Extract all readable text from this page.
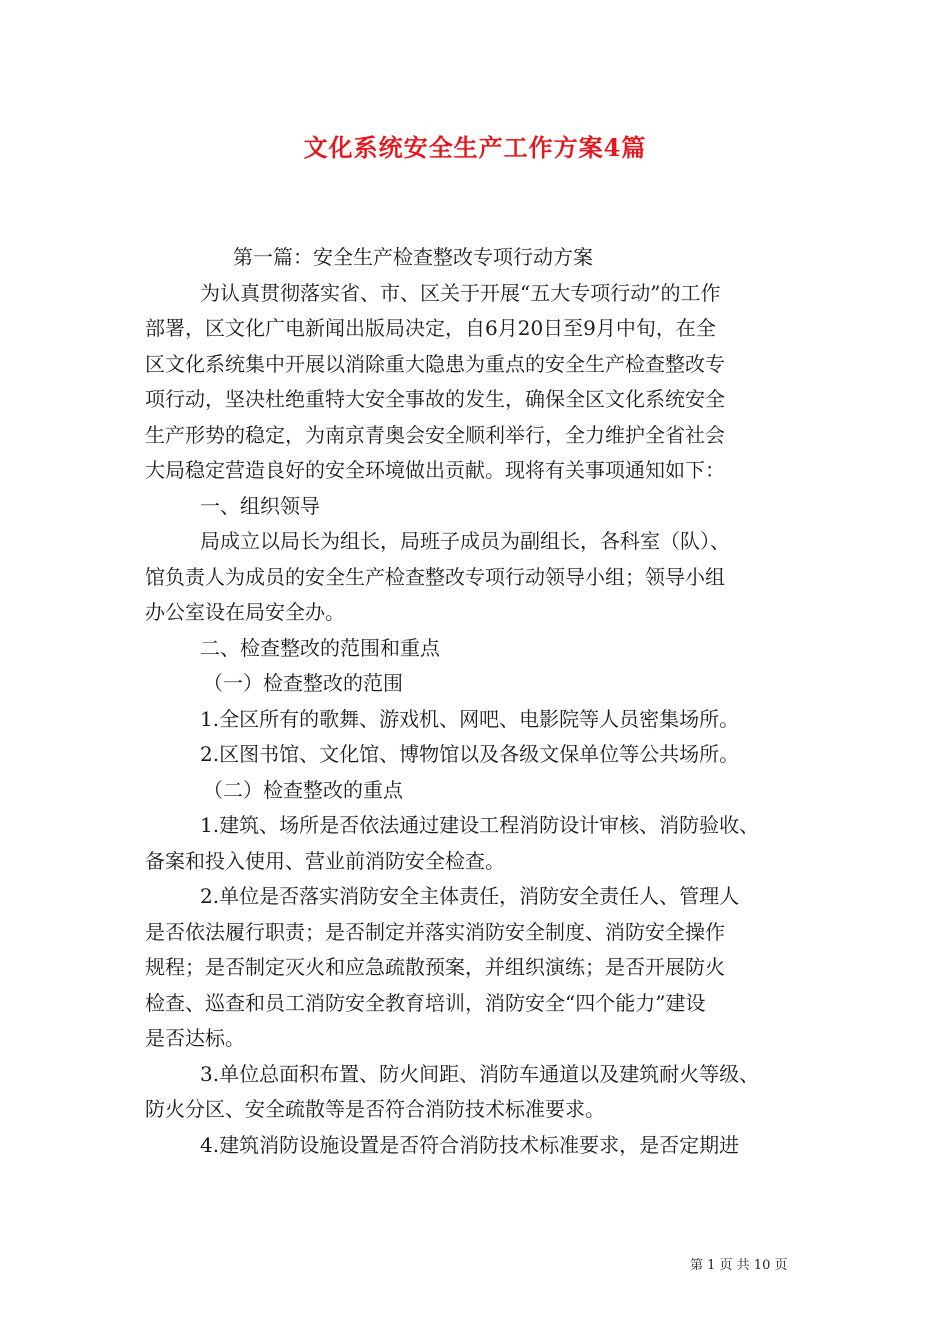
文化系统安全生产工作方案4篇
第一篇：安全生产检查整改专项行动方案
为认真贯彻落实省、市、区关于开展“五大专项行动”的工作
部署，区文化广电新闻出版局决定，自6月20日至9月中旬，在全
区文化系统集中开展以消除重大隐患为重点的安全生产检查整改专
项行动，坚决杜绝重特大安全事故的发生，确保全区文化系统安全
生产形势的稳定，为南京青奥会安全顺利举行，全力维护全省社会
大局稳定营造良好的安全环境做出贡献。现将有关事项通知如下：
一、组织领导
局成立以局长为组长，局班子成员为副组长，各科室（队）、
馆负责人为成员的安全生产检查整改专项行动领导小组；领导小组
办公室设在局安全办。
二、检查整改的范围和重点
（一）检查整改的范围
1.全区所有的歌舞、游戏机、网吧、电影院等人员密集场所。
2.区图书馆、文化馆、博物馆以及各级文保单位等公共场所。
（二）检查整改的重点
1.建筑、场所是否依法通过建设工程消防设计审核、消防验收、
备案和投入使用、营业前消防安全检查。
2.单位是否落实消防安全主体责任，消防安全责任人、管理人
是否依法履行职责；是否制定并落实消防安全制度、消防安全操作
规程；是否制定灭火和应急疏散预案，并组织演练；是否开展防火
检查、巡查和员工消防安全教育培训，消防安全“四个能力”建设
是否达标。
3.单位总面积布置、防火间距、消防车通道以及建筑耐火等级、
防火分区、安全疏散等是否符合消防技术标准要求。
4.建筑消防设施设置是否符合消防技术标准要求，是否定期进
第 1 页 共 10 页
